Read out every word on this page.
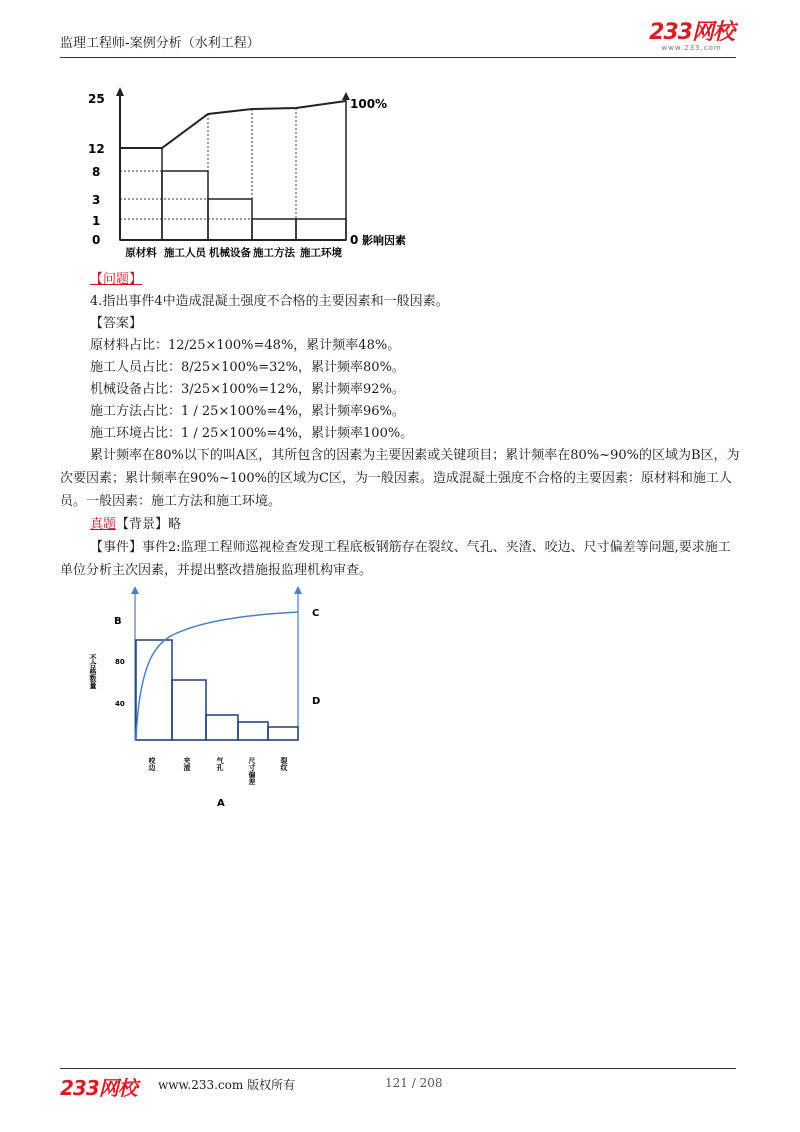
监理工程师-案例分析（水利工程）	233网校
www.233.com
25
12
8
3
1
0
100%
0 影响因素
原材料 施工人员 机械设备 施工方法 施工环境
【问题】
4.指出事件4中造成混凝土强度不合格的主要因素和一般因素。
【答案】
原材料占比：12/25×100%=48%，累计频率48%。
施工人员占比：8/25×100%=32%，累计频率80%。
机械设备占比：3/25×100%=12%，累计频率92%。
施工方法占比：1 / 25×100%=4%，累计频率96%。
施工环境占比：1 / 25×100%=4%，累计频率100%。
累计频率在80%以下的叫A区，其所包含的因素为主要因素或关键项目；累计频率在80%~90%的区域为B区，为次要因素；累计频率在90%~100%的区域为C区，为一般因素。造成混凝土强度不合格的主要因素：原材料和施工人员。一般因素：施工方法和施工环境。
真题【背景】略
【事件】事件2:监理工程师巡视检查发现工程底板钢筋存在裂纹、气孔、夹渣、咬边、尺寸偏差等问题,要求施工单位分析主次因素，并提出整改措施报监理机构审查。
B
C
D
A
80
40
不合格数量
咬边	夹渣	气孔	尺寸偏差	裂纹
233网校 www.233.com 版权所有	121 / 208
